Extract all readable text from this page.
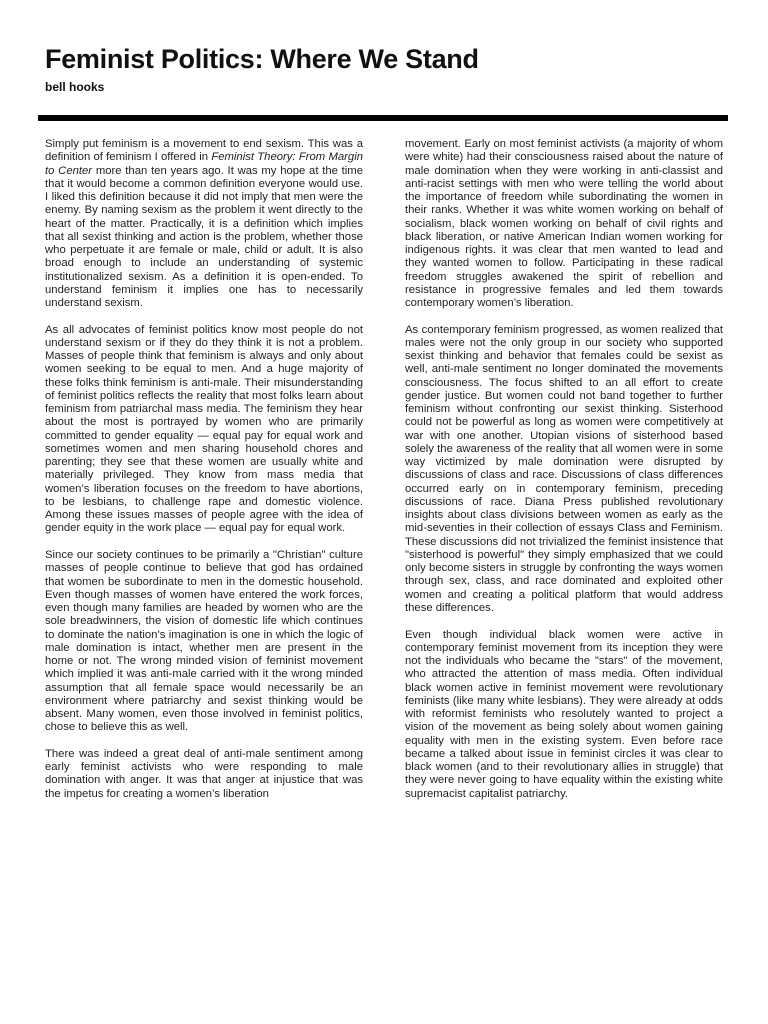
Feminist Politics: Where We Stand
bell hooks

Simply put feminism is a movement to end sexism. This was a definition of feminism I offered in Feminist Theory: From Margin to Center more than ten years ago. It was my hope at the time that it would become a common definition everyone would use. I liked this definition because it did not imply that men were the enemy. By naming sexism as the problem it went directly to the heart of the matter. Practically, it is a definition which implies that all sexist thinking and action is the problem, whether those who perpetuate it are female or male, child or adult. It is also broad enough to include an understanding of systemic institutionalized sexism. As a definition it is open-ended. To understand feminism it implies one has to necessarily understand sexism.

As all advocates of feminist politics know most people do not understand sexism or if they do they think it is not a problem. Masses of people think that feminism is always and only about women seeking to be equal to men. And a huge majority of these folks think feminism is anti-male. Their misunderstanding of feminist politics reflects the reality that most folks learn about feminism from patriarchal mass media. The feminism they hear about the most is portrayed by women who are primarily committed to gender equality — equal pay for equal work and sometimes women and men sharing household chores and parenting; they see that these women are usually white and materially privileged. They know from mass media that women’s liberation focuses on the freedom to have abortions, to be lesbians, to challenge rape and domestic violence. Among these issues masses of people agree with the idea of gender equity in the work place — equal pay for equal work.

Since our society continues to be primarily a "Christian" culture masses of people continue to believe that god has ordained that women be subordinate to men in the domestic household. Even though masses of women have entered the work forces, even though many families are headed by women who are the sole breadwinners, the vision of domestic life which continues to dominate the nation’s imagination is one in which the logic of male domination is intact, whether men are present in the home or not. The wrong minded vision of feminist movement which implied it was anti-male carried with it the wrong minded assumption that all female space would necessarily be an environment where patriarchy and sexist thinking would be absent. Many women, even those involved in feminist politics, chose to believe this as well.

There was indeed a great deal of anti-male sentiment among early feminist activists who were responding to male domination with anger. It was that anger at injustice that was the impetus for creating a women’s liberation

movement. Early on most feminist activists (a majority of whom were white) had their consciousness raised about the nature of male domination when they were working in anti-classist and anti-racist settings with men who were telling the world about the importance of freedom while subordinating the women in their ranks. Whether it was white women working on behalf of socialism, black women working on behalf of civil rights and black liberation, or native American Indian women working for indigenous rights. it was clear that men wanted to lead and they wanted women to follow. Participating in these radical freedom struggles awakened the spirit of rebellion and resistance in progressive females and led them towards contemporary women’s liberation.

As contemporary feminism progressed, as women realized that males were not the only group in our society who supported sexist thinking and behavior that females could be sexist as well, anti-male sentiment no longer dominated the movements consciousness. The focus shifted to an all effort to create gender justice. But women could not band together to further feminism without confronting our sexist thinking. Sisterhood could not be powerful as long as women were competitively at war with one another. Utopian visions of sisterhood based solely the awareness of the reality that all women were in some way victimized by male domination were disrupted by discussions of class and race. Discussions of class differences occurred early on in contemporary feminism, preceding discussions of race. Diana Press published revolutionary insights about class divisions between women as early as the mid-seventies in their collection of essays Class and Feminism. These discussions did not trivialized the feminist insistence that "sisterhood is powerful" they simply emphasized that we could only become sisters in struggle by confronting the ways women through sex, class, and race dominated and exploited other women and creating a political platform that would address these differences.

Even though individual black women were active in contemporary feminist movement from its inception they were not the individuals who became the "stars" of the movement, who attracted the attention of mass media. Often individual black women active in feminist movement were revolutionary feminists (like many white lesbians). They were already at odds with reformist feminists who resolutely wanted to project a vision of the movement as being solely about women gaining equality with men in the existing system. Even before race became a talked about issue in feminist circles it was clear to black women (and to their revolutionary allies in struggle) that they were never going to have equality within the existing white supremacist capitalist patriarchy.
